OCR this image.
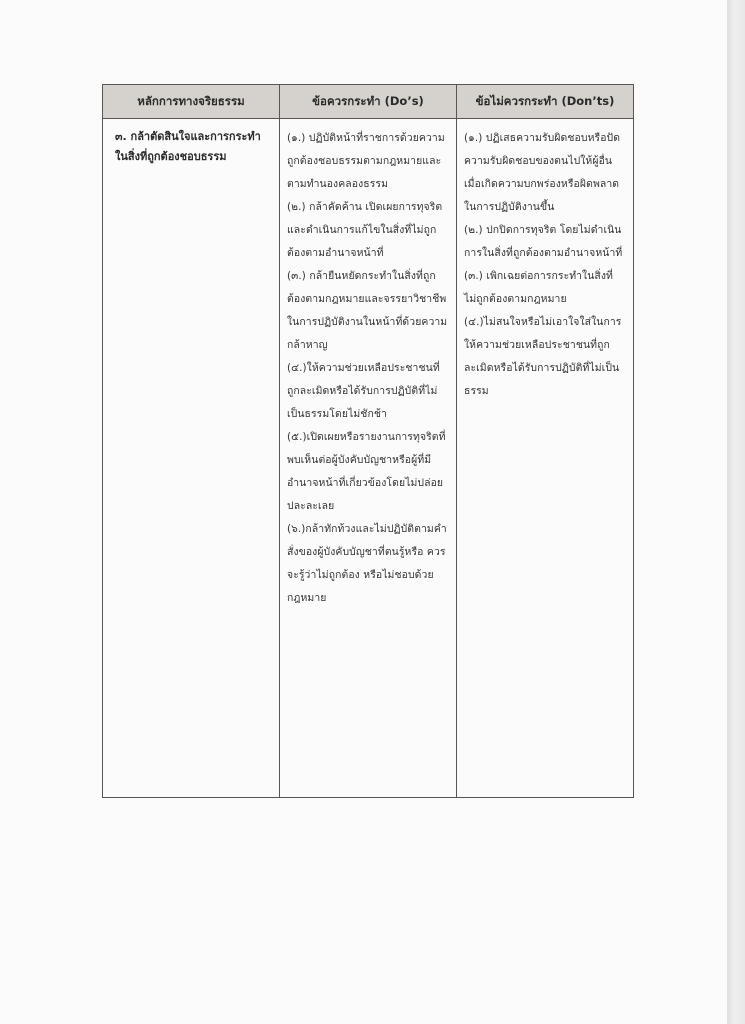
หลักการทางจริยธรรม	ข้อควรกระทำ (Do’s)	ข้อไม่ควรกระทำ (Don’ts)

๓. กล้าตัดสินใจและการกระทำในสิ่งที่ถูกต้องชอบธรรม

(๑.) ปฏิบัติหน้าที่ราชการด้วยความถูกต้องชอบธรรมตามกฎหมายและตามทำนองคลองธรรม
(๒.) กล้าคัดค้าน เปิดเผยการทุจริตและดำเนินการแก้ไขในสิ่งที่ไม่ถูกต้องตามอำนาจหน้าที่
(๓.) กล้ายืนหยัดกระทำในสิ่งที่ถูกต้องตามกฎหมายและจรรยาวิชาชีพในการปฏิบัติงานในหน้าที่ด้วยความกล้าหาญ
(๔.)ให้ความช่วยเหลือประชาชนที่ถูกละเมิดหรือได้รับการปฏิบัติที่ไม่เป็นธรรมโดยไม่ชักช้า
(๕.)เปิดเผยหรือรายงานการทุจริตที่พบเห็นต่อผู้บังคับบัญชาหรือผู้ที่มีอำนาจหน้าที่เกี่ยวข้องโดยไม่ปล่อยปละละเลย
(๖.)กล้าทักท้วงและไม่ปฏิบัติตามคำสั่งของผู้บังคับบัญชาที่ตนรู้หรือ ควรจะรู้ว่าไม่ถูกต้อง หรือไม่ชอบด้วยกฎหมาย
(๑.) ปฏิเสธความรับผิดชอบหรือปัดความรับผิดชอบของตนไปให้ผู้อื่นเมื่อเกิดความบกพร่องหรือผิดพลาดในการปฏิบัติงานขึ้น
(๒.) ปกปิดการทุจริต โดยไม่ดำเนินการในสิ่งที่ถูกต้องตามอำนาจหน้าที่
(๓.) เพิกเฉยต่อการกระทำในสิ่งที่ ไม่ถูกต้องตามกฎหมาย
(๔.)ไม่สนใจหรือไม่เอาใจใส่ในการให้ความช่วยเหลือประชาชนที่ถูกละเมิดหรือได้รับการปฏิบัติที่ไม่เป็นธรรม
